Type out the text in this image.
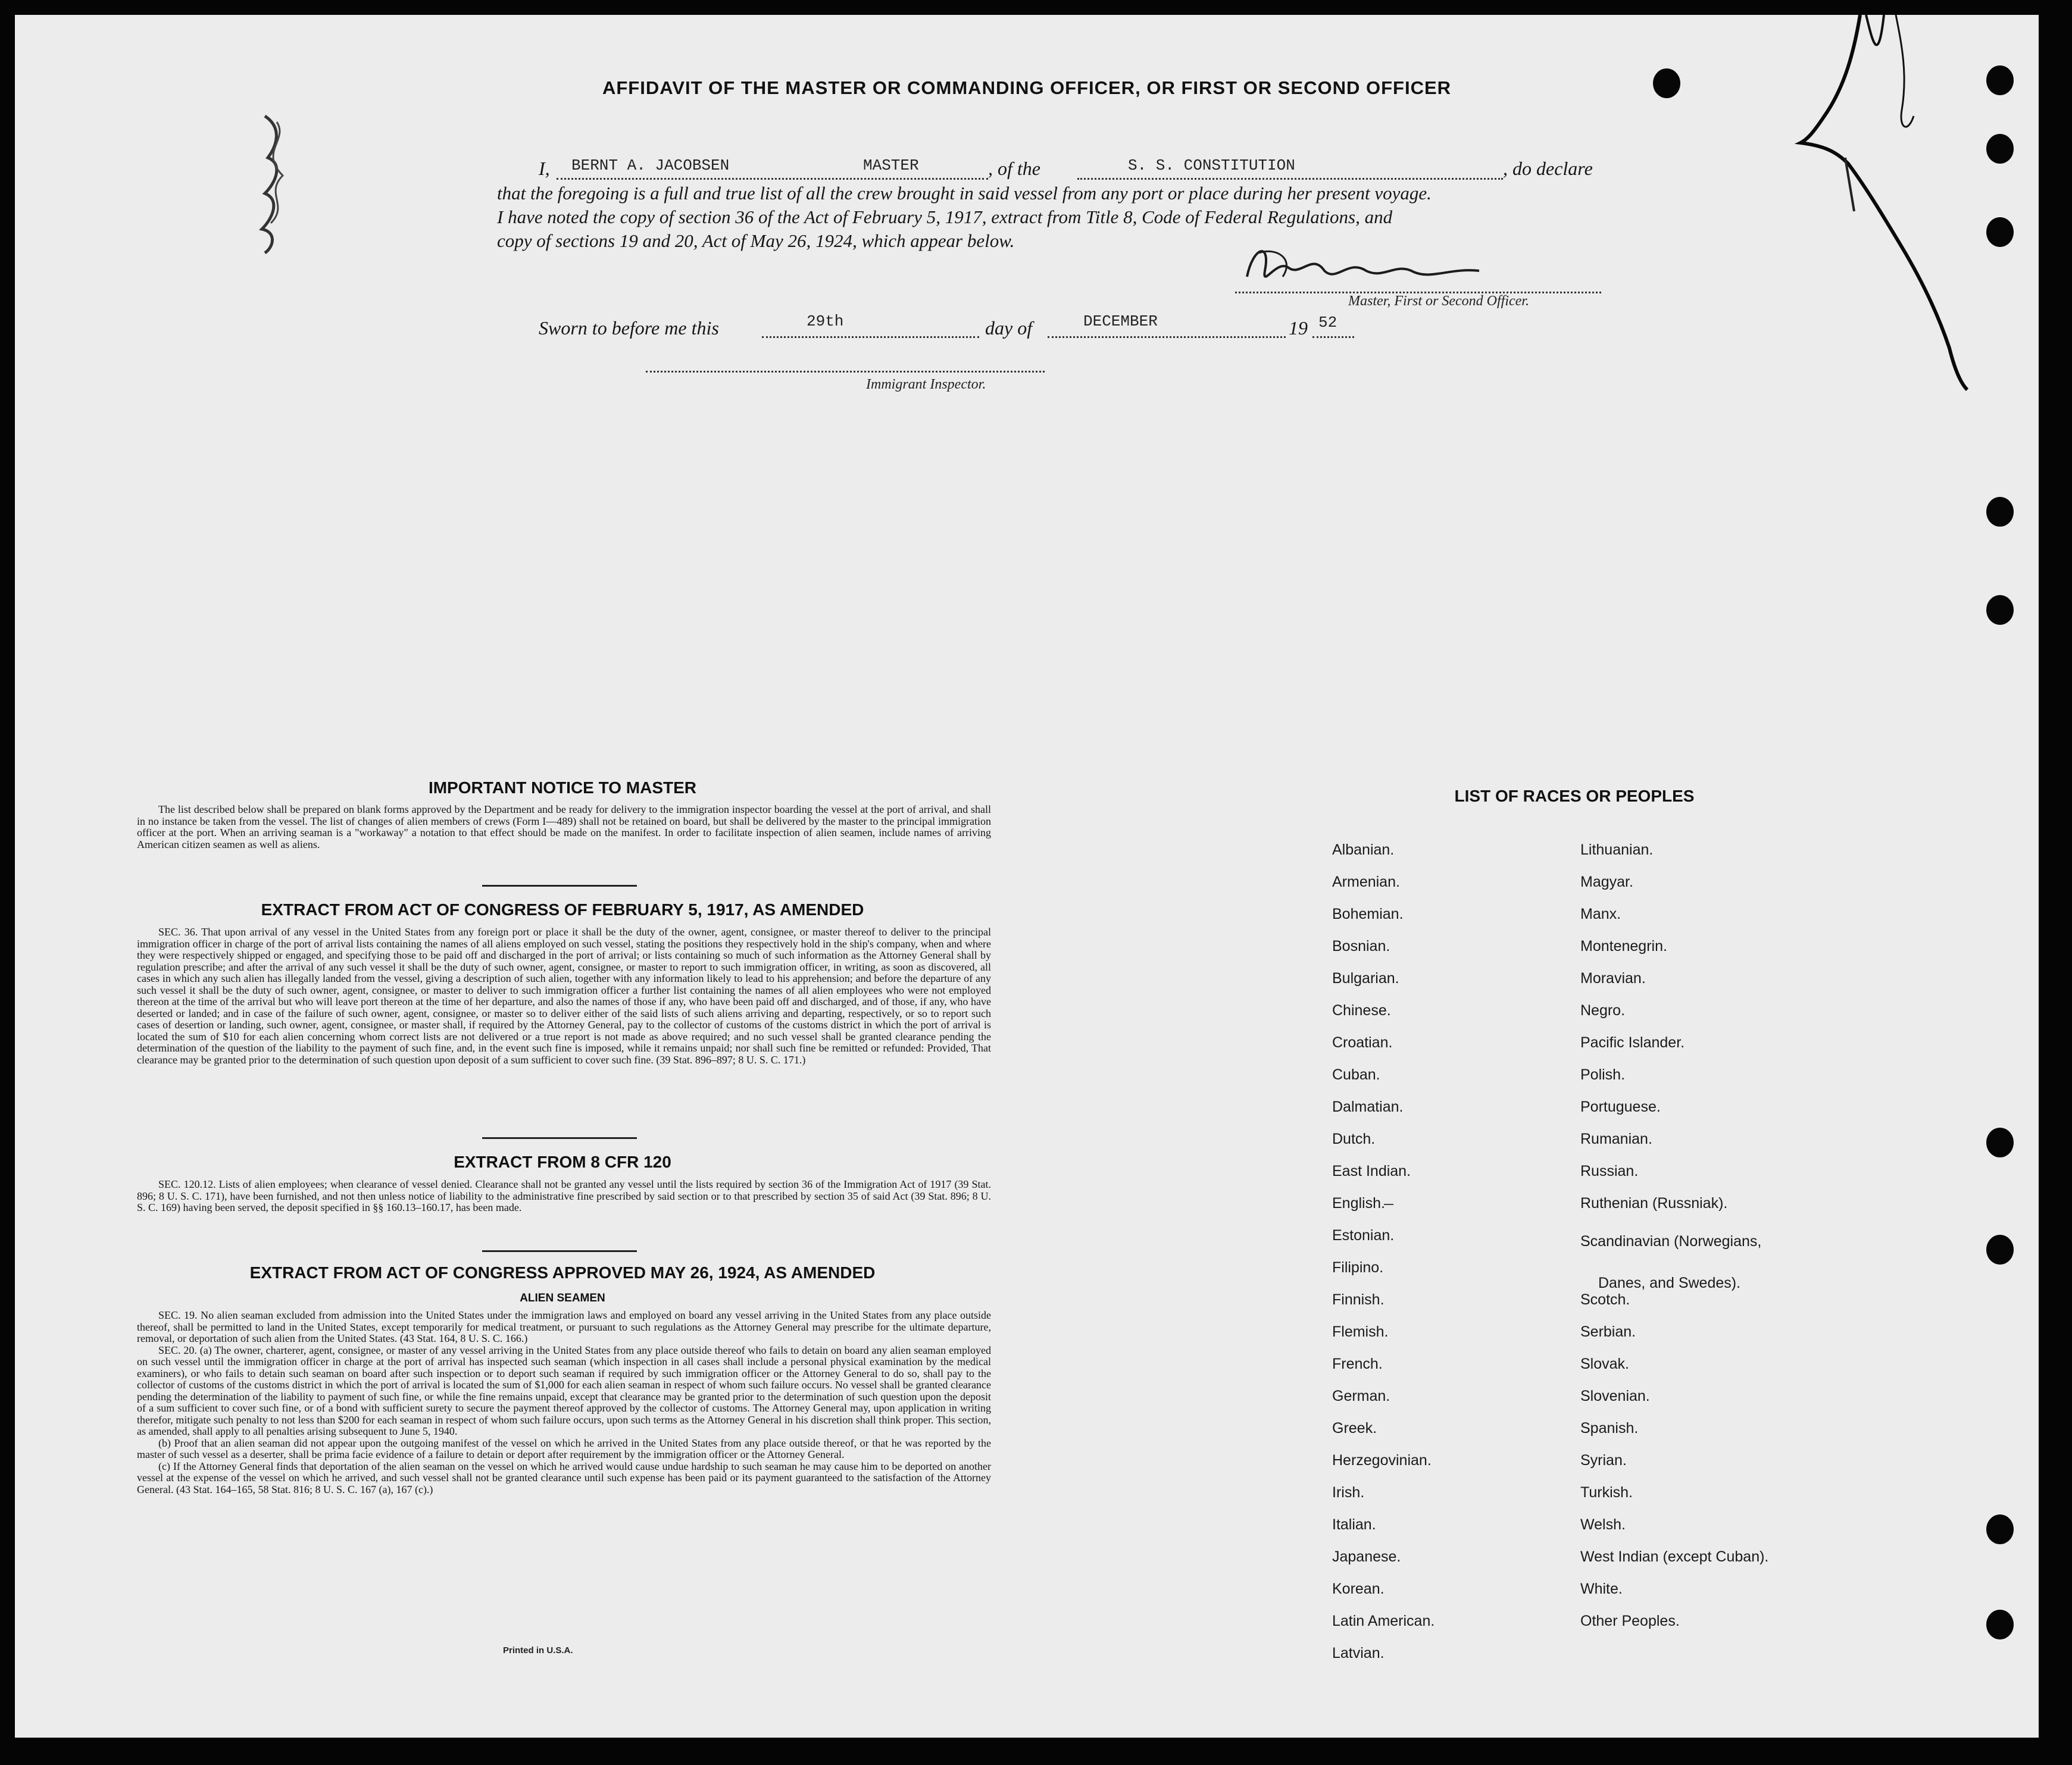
AFFIDAVIT OF THE MASTER OR COMMANDING OFFICER, OR FIRST OR SECOND OFFICER
I, BERNT A. JACOBSEN	MASTER	, of the	S. S. CONSTITUTION	, do declare
that the foregoing is a full and true list of all the crew brought in said vessel from any port or place during her present voyage.
I have noted the copy of section 36 of the Act of February 5, 1917, extract from Title 8, Code of Federal Regulations, and
copy of sections 19 and 20, Act of May 26, 1924, which appear below.
Master, First or Second Officer.
Sworn to before me this	29th	day of	DECEMBER	19 52
Immigrant Inspector.
IMPORTANT NOTICE TO MASTER

The list described below shall be prepared on blank forms approved by the Department and be ready for delivery to the immigration inspector boarding the vessel at the port of arrival, and shall in no instance be taken from the vessel. The list of changes of alien members of crews (Form I—489) shall not be retained on board, but shall be delivered by the master to the principal immigration officer at the port. When an arriving seaman is a "workaway" a notation to that effect should be made on the manifest. In order to facilitate inspection of alien seamen, include names of arriving American citizen seamen as well as aliens.

EXTRACT FROM ACT OF CONGRESS OF FEBRUARY 5, 1917, AS AMENDED

SEC. 36. That upon arrival of any vessel in the United States from any foreign port or place it shall be the duty of the owner, agent, consignee, or master thereof to deliver to the principal immigration officer in charge of the port of arrival lists containing the names of all aliens employed on such vessel, stating the positions they respectively hold in the ship's company, when and where they were respectively shipped or engaged, and specifying those to be paid off and discharged in the port of arrival; or lists containing so much of such information as the Attorney General shall by regulation prescribe; and after the arrival of any such vessel it shall be the duty of such owner, agent, consignee, or master to report to such immigration officer, in writing, as soon as discovered, all cases in which any such alien has illegally landed from the vessel, giving a description of such alien, together with any information likely to lead to his apprehension; and before the departure of any such vessel it shall be the duty of such owner, agent, consignee, or master to deliver to such immigration officer a further list containing the names of all alien employees who were not employed thereon at the time of the arrival but who will leave port thereon at the time of her departure, and also the names of those if any, who have been paid off and discharged, and of those, if any, who have deserted or landed; and in case of the failure of such owner, agent, consignee, or master so to deliver either of the said lists of such aliens arriving and departing, respectively, or so to report such cases of desertion or landing, such owner, agent, consignee, or master shall, if required by the Attorney General, pay to the collector of customs of the customs district in which the port of arrival is located the sum of $10 for each alien concerning whom correct lists are not delivered or a true report is not made as above required; and no such vessel shall be granted clearance pending the determination of the question of the liability to the payment of such fine, and, in the event such fine is imposed, while it remains unpaid; nor shall such fine be remitted or refunded: Provided, That clearance may be granted prior to the determination of such question upon deposit of a sum sufficient to cover such fine. (39 Stat. 896–897; 8 U. S. C. 171.)

EXTRACT FROM 8 CFR 120

SEC. 120.12. Lists of alien employees; when clearance of vessel denied. Clearance shall not be granted any vessel until the lists required by section 36 of the Immigration Act of 1917 (39 Stat. 896; 8 U. S. C. 171), have been furnished, and not then unless notice of liability to the administrative fine prescribed by said section or to that prescribed by section 35 of said Act (39 Stat. 896; 8 U. S. C. 169) having been served, the deposit specified in §§ 160.13–160.17, has been made.

EXTRACT FROM ACT OF CONGRESS APPROVED MAY 26, 1924, AS AMENDED
ALIEN SEAMEN

SEC. 19. No alien seaman excluded from admission into the United States under the immigration laws and employed on board any vessel arriving in the United States from any place outside thereof, shall be permitted to land in the United States, except temporarily for medical treatment, or pursuant to such regulations as the Attorney General may prescribe for the ultimate departure, removal, or deportation of such alien from the United States. (43 Stat. 164, 8 U. S. C. 166.)

SEC. 20. (a) The owner, charterer, agent, consignee, or master of any vessel arriving in the United States from any place outside thereof who fails to detain on board any alien seaman employed on such vessel until the immigration officer in charge at the port of arrival has inspected such seaman (which inspection in all cases shall include a personal physical examination by the medical examiners), or who fails to detain such seaman on board after such inspection or to deport such seaman if required by such immigration officer or the Attorney General to do so, shall pay to the collector of customs of the customs district in which the port of arrival is located the sum of $1,000 for each alien seaman in respect of whom such failure occurs. No vessel shall be granted clearance pending the determination of the liability to payment of such fine, or while the fine remains unpaid, except that clearance may be granted prior to the determination of such question upon the deposit of a sum sufficient to cover such fine, or of a bond with sufficient surety to secure the payment thereof approved by the collector of customs. The Attorney General may, upon application in writing therefor, mitigate such penalty to not less than $200 for each seaman in respect of whom such failure occurs, upon such terms as the Attorney General in his discretion shall think proper. This section, as amended, shall apply to all penalties arising subsequent to June 5, 1940.

(b) Proof that an alien seaman did not appear upon the outgoing manifest of the vessel on which he arrived in the United States from any place outside thereof, or that he was reported by the master of such vessel as a deserter, shall be prima facie evidence of a failure to detain or deport after requirement by the immigration officer or the Attorney General.

(c) If the Attorney General finds that deportation of the alien seaman on the vessel on which he arrived would cause undue hardship to such seaman he may cause him to be deported on another vessel at the expense of the vessel on which he arrived, and such vessel shall not be granted clearance until such expense has been paid or its payment guaranteed to the satisfaction of the Attorney General. (43 Stat. 164–165, 58 Stat. 816; 8 U. S. C. 167 (a), 167 (c).)

Printed in U.S.A.
LIST OF RACES OR PEOPLES
Albanian.
Armenian.
Bohemian.
Bosnian.
Bulgarian.
Chinese.
Croatian.
Cuban.
Dalmatian.
Dutch.
East Indian.
English.
Estonian.
Filipino.
Finnish.
Flemish.
French.
German.
Greek.
Herzegovinian.
Irish.
Italian.
Japanese.
Korean.
Latin American.
Latvian.
Lithuanian.
Magyar.
Manx.
Montenegrin.
Moravian.
Negro.
Pacific Islander.
Polish.
Portuguese.
Rumanian.
Russian.
Ruthenian (Russniak).
Scandinavian (Norwegians,
Danes, and Swedes).
Scotch.
Serbian.
Slovak.
Slovenian.
Spanish.
Syrian.
Turkish.
Welsh.
West Indian (except Cuban).
White.
Other Peoples.
